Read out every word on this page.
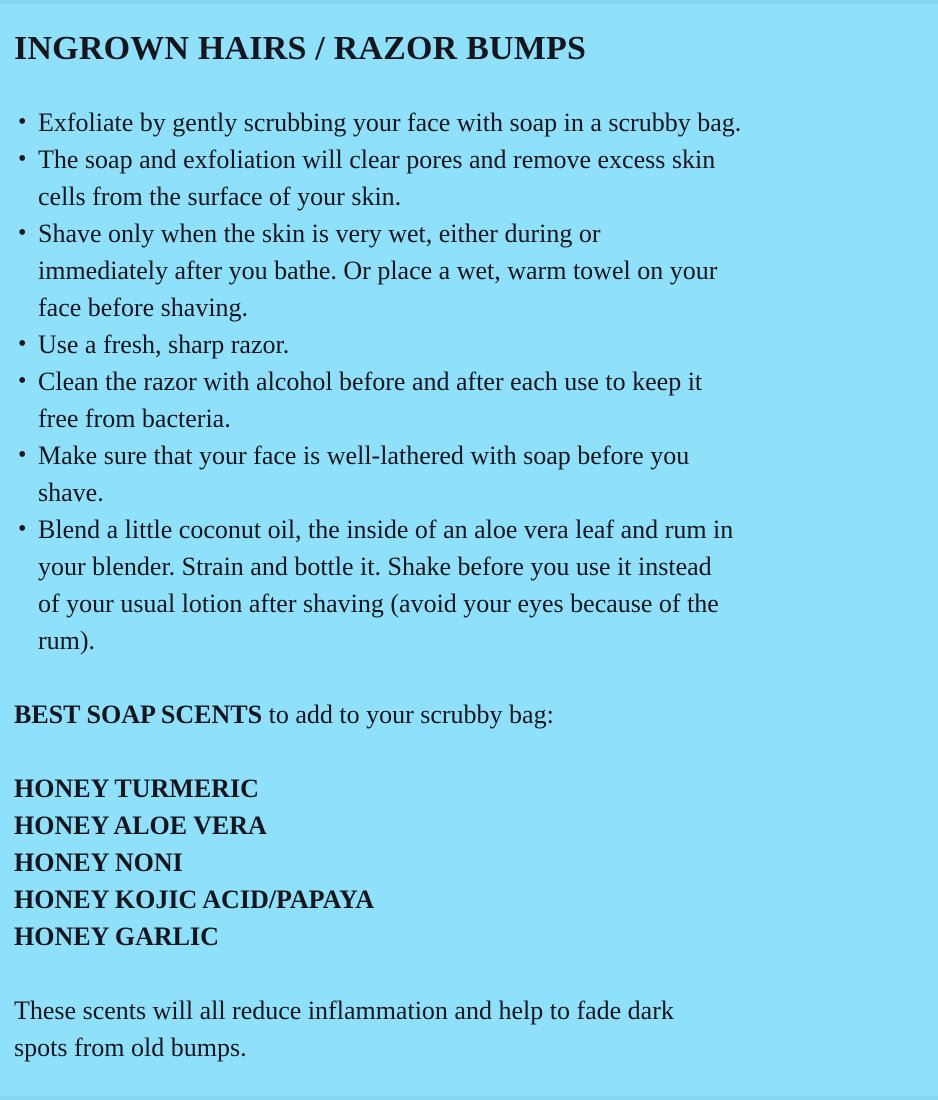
INGROWN HAIRS / RAZOR BUMPS
• Exfoliate by gently scrubbing your face with soap in a scrubby bag.
• The soap and exfoliation will clear pores and remove excess skin
cells from the surface of your skin.
• Shave only when the skin is very wet, either during or
immediately after you bathe. Or place a wet, warm towel on your
face before shaving.
• Use a fresh, sharp razor.
• Clean the razor with alcohol before and after each use to keep it
free from bacteria.
• Make sure that your face is well-lathered with soap before you
shave.
• Blend a little coconut oil, the inside of an aloe vera leaf and rum in
your blender. Strain and bottle it. Shake before you use it instead
of your usual lotion after shaving (avoid your eyes because of the
rum).
BEST SOAP SCENTS to add to your scrubby bag:
HONEY TURMERIC
HONEY ALOE VERA
HONEY NONI
HONEY KOJIC ACID/PAPAYA
HONEY GARLIC
These scents will all reduce inflammation and help to fade dark
spots from old bumps.
